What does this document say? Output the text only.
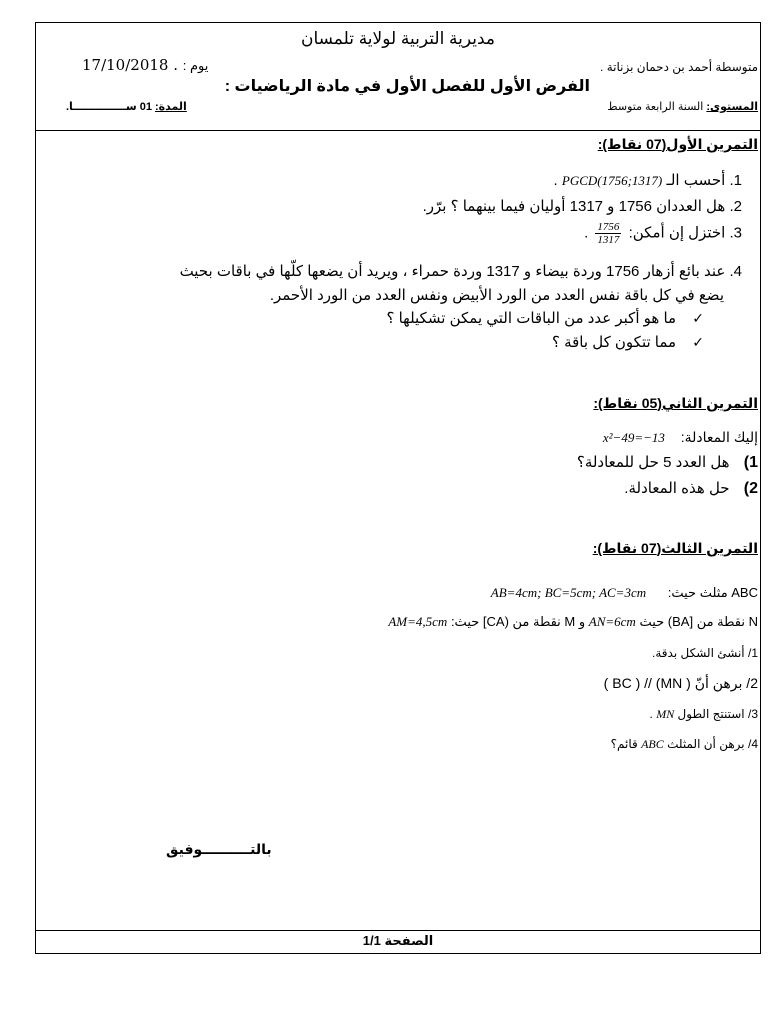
مديرية التربية لولاية تلمسان
متوسطة أحمد بن دحمان بزناتة .
يوم : 17/10/2018 .
الفرض الأول للفصل الأول في مادة الرياضيات :
المستوى: السنة الرابعة متوسط
المدة: 01 ســــــــــــــا.
التمرين الأول(07 نقاط):
1. أحسب الـ PGCD(1756;1317) .
2. هل العددان 1756 و 1317 أوليان فيما بينهما ؟ برّر.
3. اختزل إن أمكن:
$\frac{1756}{1317}$
.
4. عند بائع أزهار 1756 وردة بيضاء و 1317 وردة حمراء ، ويريد أن يضعها كلّها في باقات بحيث
يضع في كل باقة نفس العدد من الورد الأبيض ونفس العدد من الورد الأحمر.
✓ ما هو أكبر عدد من الباقات التي يمكن تشكيلها ؟
✓ مما تتكون كل باقة ؟
التمرين الثاني(05 نقاط):
إليك المعادلة: x²−49=−13
1) هل العدد 5 حل للمعادلة؟
2) حل هذه المعادلة.
التمرين الثالث(07 نقاط):
ABC مثلث حيث: AB=4cm; BC=5cm; AC=3cm
N نقطة من [BA) حيث AN=6cm و M نقطة من (CA] حيث: AM=4,5cm
1/ أنشئ الشكل بدقة.
2/ برهن أنّ ( MN) // ( BC )
3/ استنتج الطول MN .
4/ برهن أن المثلث ABC قائم؟
بالتــــــــــوفيق
الصفحة 1/1
